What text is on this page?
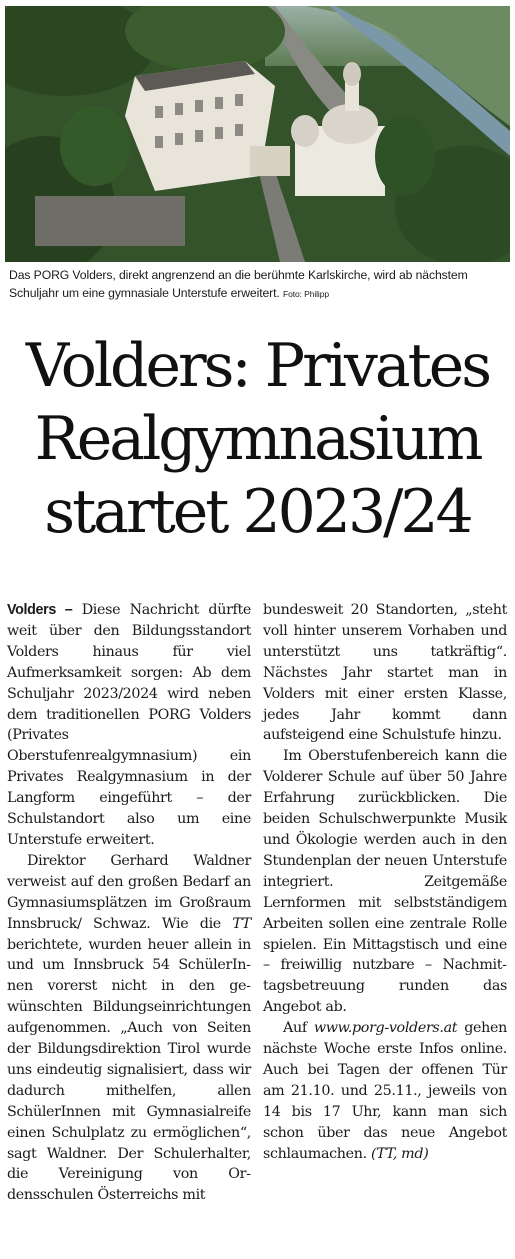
Das PORG Volders, direkt angrenzend an die berühmte Karlskirche, wird ab nächstem Schuljahr um eine gymnasiale Unterstufe erweitert. Foto: Philipp
Volders: Privates
Realgymnasium
startet 2023/24

Volders – Diese Nachricht dürfte weit über den Bildungsstandort Volders hinaus für viel Aufmerksamkeit sorgen: Ab dem Schuljahr 2023/2024 wird neben dem traditionellen PORG Volders (Privates Oberstufenrealgymnasium) ein Privates Realgymnasium in der Langform eingeführt – der Schulstandort also um eine Unterstufe erweitert.

Direktor Gerhard Waldner verweist auf den großen Bedarf an Gymnasiumsplätzen im Großraum Innsbruck/ Schwaz. Wie die TT berichtete, wurden heuer allein in und um Innsbruck 54 SchülerInnen vorerst nicht in den gewünschten Bildungseinrichtungen aufgenommen. „Auch von Seiten der Bildungsdirektion Tirol wurde uns eindeutig signalisiert, dass wir dadurch mithelfen, allen SchülerInnen mit Gymnasialreife einen Schulplatz zu ermöglichen“, sagt Waldner. Der Schulerhalter, die Vereinigung von Ordensschulen Österreichs mit

bundesweit 20 Standorten, „steht voll hinter unserem Vorhaben und unterstützt uns tatkräftig“. Nächstes Jahr startet man in Volders mit einer ersten Klasse, jedes Jahr kommt dann aufsteigend eine Schulstufe hinzu.

Im Oberstufenbereich kann die Volderer Schule auf über 50 Jahre Erfahrung zurückblicken. Die beiden Schulschwerpunkte Musik und Ökologie werden auch in den Stundenplan der neuen Unterstufe integriert. Zeitgemäße Lernformen mit selbstständigem Arbeiten sollen eine zentrale Rolle spielen. Ein Mittagstisch und eine – freiwillig nutzbare – Nachmittagsbetreuung runden das Angebot ab.

Auf www.porg-volders.at gehen nächste Woche erste Infos online. Auch bei Tagen der offenen Tür am 21.10. und 25.11., jeweils von 14 bis 17 Uhr, kann man sich schon über das neue Angebot schlaumachen. (TT, md)
